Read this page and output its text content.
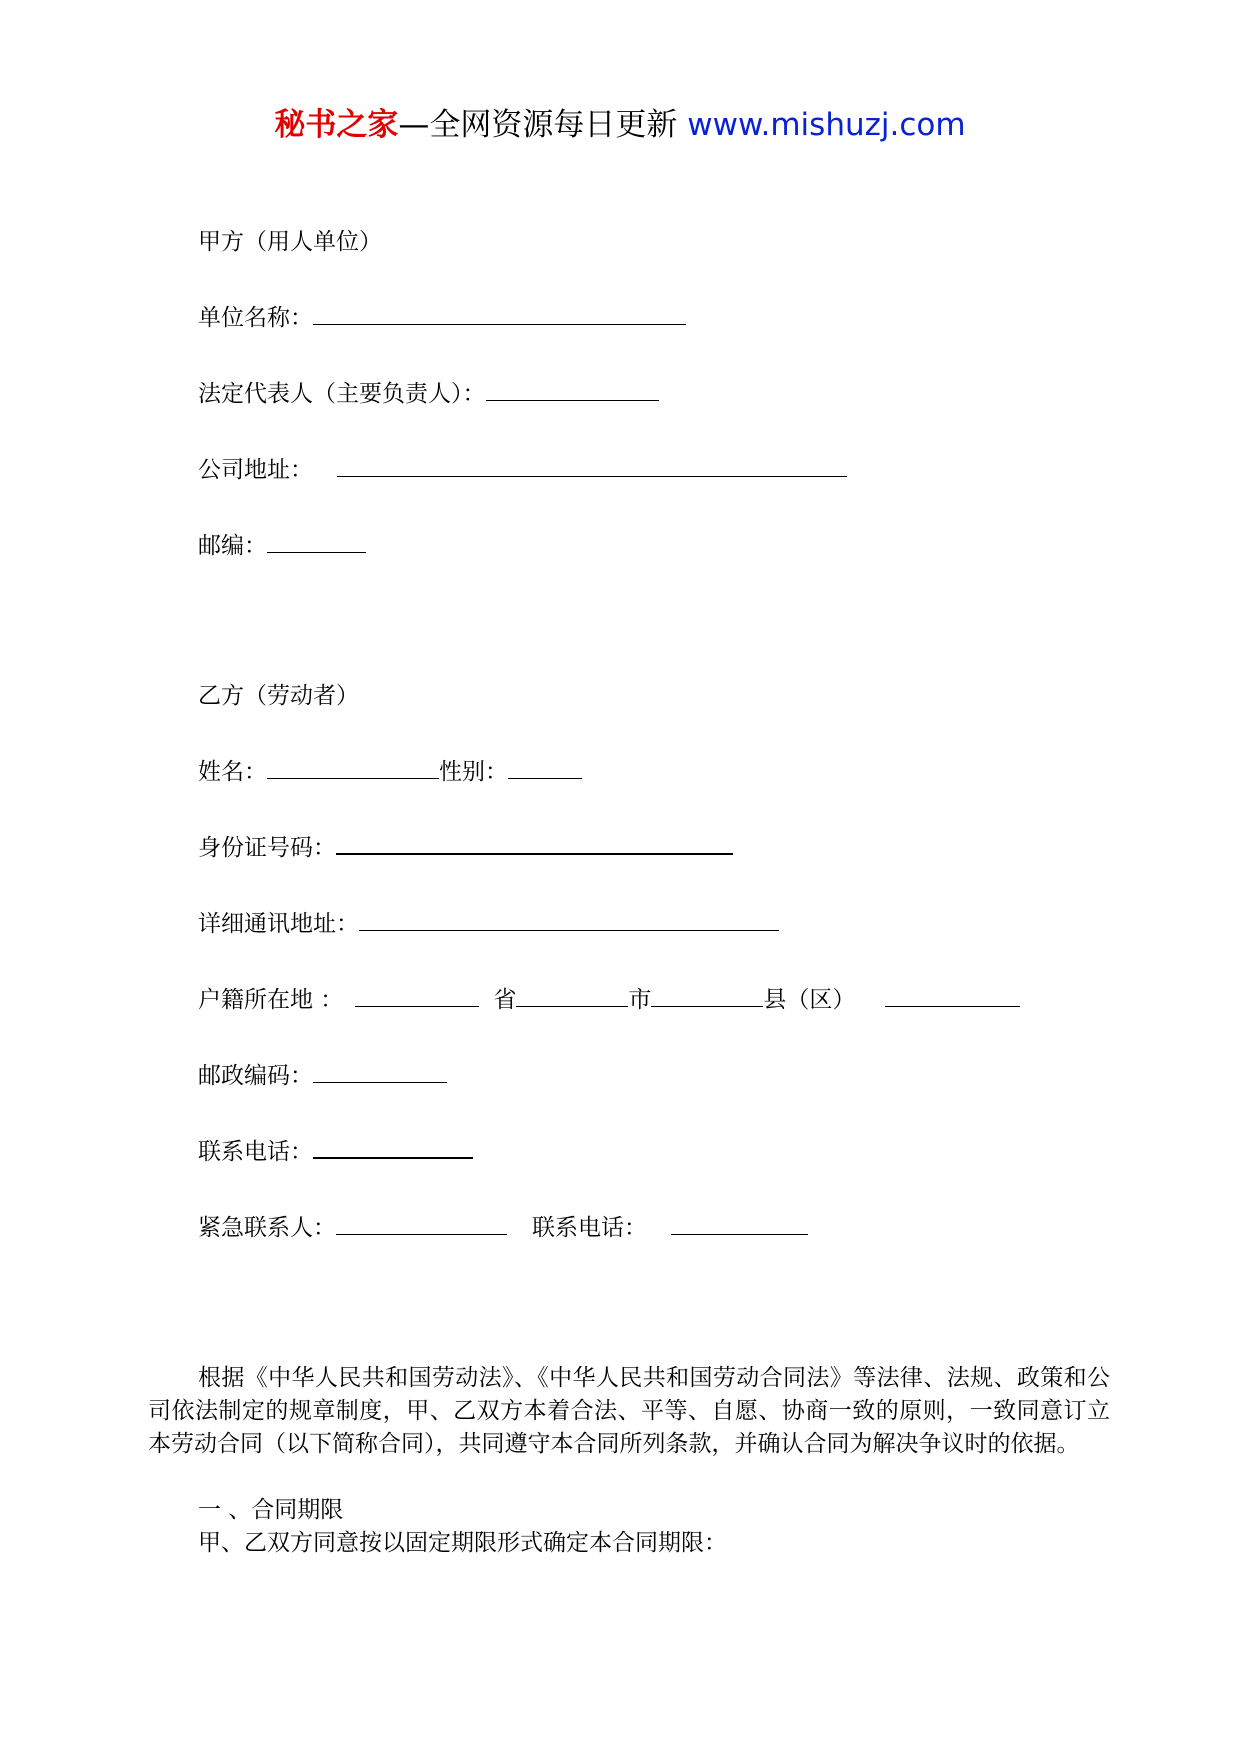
秘书之家—全网资源每日更新 www.mishuzj.com
甲方（用人单位）
单位名称：
法定代表人（主要负责人）：
公司地址：
邮编：
乙方（劳动者）
姓名：	性别：
身份证号码：
详细通讯地址：
户籍所在地 ：	省	市	县（区）
邮政编码：
联系电话：
紧急联系人：	联系电话：
根据《中华人民共和国劳动法》、《中华人民共和国劳动合同法》等法律、法规、政策和公司依法制定的规章制度，甲、乙双方本着合法、平等、自愿、协商一致的原则，一致同意订立本劳动合同（以下简称合同），共同遵守本合同所列条款，并确认合同为解决争议时的依据。
一 、合同期限
甲、乙双方同意按以固定期限形式确定本合同期限：
